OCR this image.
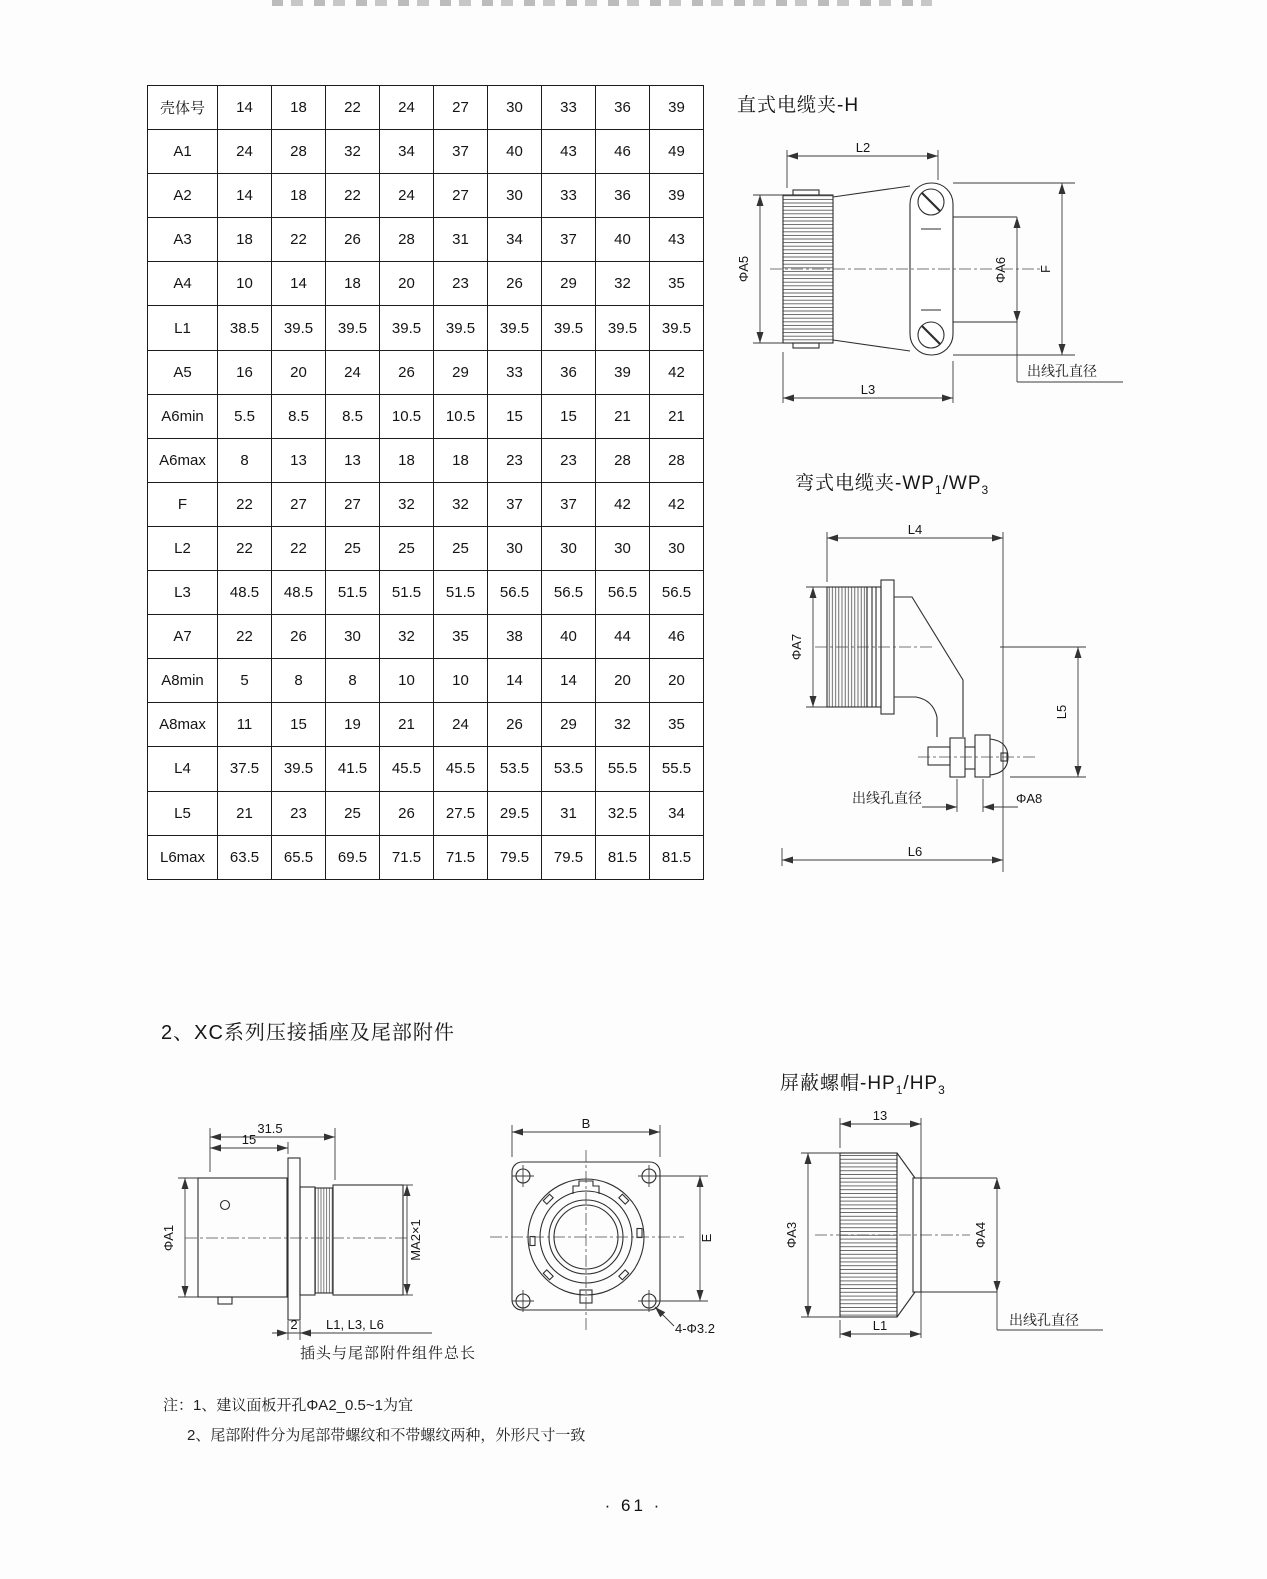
壳体号	14	18	22	24	27	30	33	36	39
A1	24	28	32	34	37	40	43	46	49
A2	14	18	22	24	27	30	33	36	39
A3	18	22	26	28	31	34	37	40	43
A4	10	14	18	20	23	26	29	32	35
L1	38.5	39.5	39.5	39.5	39.5	39.5	39.5	39.5	39.5
A5	16	20	24	26	29	33	36	39	42
A6min	5.5	8.5	8.5	10.5	10.5	15	15	21	21
A6max	8	13	13	18	18	23	23	28	28
F	22	27	27	32	32	37	37	42	42
L2	22	22	25	25	25	30	30	30	30
L3	48.5	48.5	51.5	51.5	51.5	56.5	56.5	56.5	56.5
A7	22	26	30	32	35	38	40	44	46
A8min	5	8	8	10	10	14	14	20	20
A8max	11	15	19	21	24	26	29	32	35
L4	37.5	39.5	41.5	45.5	45.5	53.5	53.5	55.5	55.5
L5	21	23	25	26	27.5	29.5	31	32.5	34
L6max	63.5	65.5	69.5	71.5	71.5	79.5	79.5	81.5	81.5
直式电缆夹-H
弯式电缆夹$-WP_1/WP_3$
2、XC系列压接插座及尾部附件
屏蔽螺帽$-HP_1/HP_3$
L2
ΦA5	ΦA6 F
出线孔直径
L3
L4
ΦA7
L5
出线孔直径	ΦA8
L6
31.5
15
ΦA1	MA2×1
2 L1, L3, L6
插头与尾部附件组件总长
B
E
4-Φ3.2
13
ΦA3	ΦA4
L1	出线孔直径
注：1、建议面板开孔ΦA2_0.5~1为宜
2、尾部附件分为尾部带螺纹和不带螺纹两种，外形尺寸一致
· 61 ·
